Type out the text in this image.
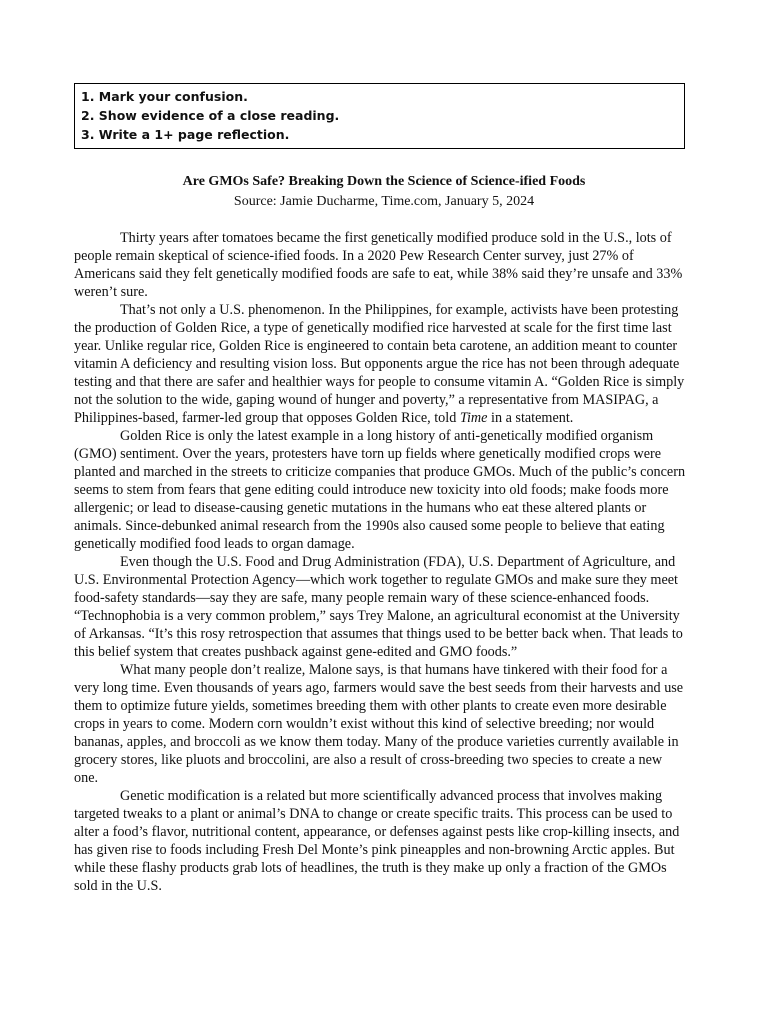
1. Mark your confusion.
2. Show evidence of a close reading.
3. Write a 1+ page reflection.
Are GMOs Safe? Breaking Down the Science of Science-ified Foods
Source: Jamie Ducharme, Time.com, January 5, 2024

Thirty years after tomatoes became the first genetically modified produce sold in the U.S., lots of people remain skeptical of science-ified foods. In a 2020 Pew Research Center survey, just 27% of Americans said they felt genetically modified foods are safe to eat, while 38% said they’re unsafe and 33% weren’t sure.

That’s not only a U.S. phenomenon. In the Philippines, for example, activists have been protesting the production of Golden Rice, a type of genetically modified rice harvested at scale for the first time last year. Unlike regular rice, Golden Rice is engineered to contain beta carotene, an addition meant to counter vitamin A deficiency and resulting vision loss. But opponents argue the rice has not been through adequate testing and that there are safer and healthier ways for people to consume vitamin A. “Golden Rice is simply not the solution to the wide, gaping wound of hunger and poverty,” a representative from MASIPAG, a Philippines-based, farmer-led group that opposes Golden Rice, told Time in a statement.

Golden Rice is only the latest example in a long history of anti-genetically modified organism (GMO) sentiment. Over the years, protesters have torn up fields where genetically modified crops were planted and marched in the streets to criticize companies that produce GMOs. Much of the public’s concern seems to stem from fears that gene editing could introduce new toxicity into old foods; make foods more allergenic; or lead to disease-causing genetic mutations in the humans who eat these altered plants or animals. Since-debunked animal research from the 1990s also caused some people to believe that eating genetically modified food leads to organ damage.

Even though the U.S. Food and Drug Administration (FDA), U.S. Department of Agriculture, and U.S. Environmental Protection Agency—which work together to regulate GMOs and make sure they meet food-safety standards—say they are safe, many people remain wary of these science-enhanced foods. “Technophobia is a very common problem,” says Trey Malone, an agricultural economist at the University of Arkansas. “It’s this rosy retrospection that assumes that things used to be better back when. That leads to this belief system that creates pushback against gene-edited and GMO foods.”

What many people don’t realize, Malone says, is that humans have tinkered with their food for a very long time. Even thousands of years ago, farmers would save the best seeds from their harvests and use them to optimize future yields, sometimes breeding them with other plants to create even more desirable crops in years to come. Modern corn wouldn’t exist without this kind of selective breeding; nor would bananas, apples, and broccoli as we know them today. Many of the produce varieties currently available in grocery stores, like pluots and broccolini, are also a result of cross-breeding two species to create a new one.

Genetic modification is a related but more scientifically advanced process that involves making targeted tweaks to a plant or animal’s DNA to change or create specific traits. This process can be used to alter a food’s flavor, nutritional content, appearance, or defenses against pests like crop-killing insects, and has given rise to foods including Fresh Del Monte’s pink pineapples and non-browning Arctic apples. But while these flashy products grab lots of headlines, the truth is they make up only a fraction of the GMOs sold in the U.S.
